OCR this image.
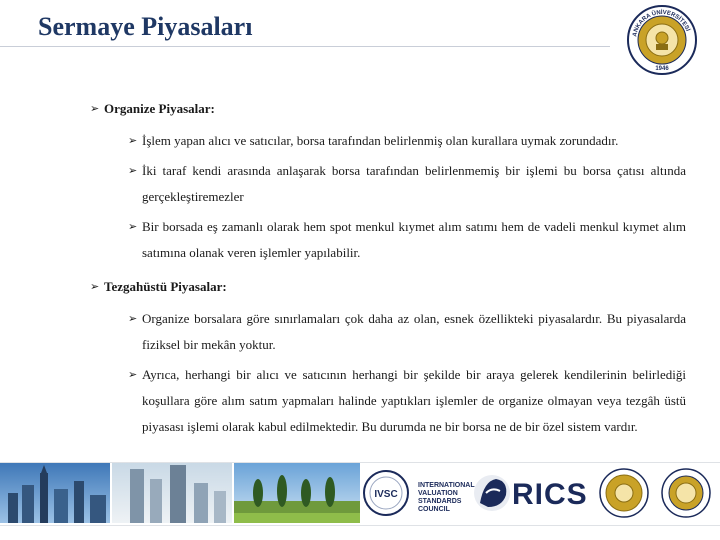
Sermaye Piyasaları	ANKARA ÜNİVERSİTESİ
1946
➢ Organize Piyasalar:
➢ İşlem yapan alıcı ve satıcılar, borsa tarafından belirlenmiş olan kurallara uymak zorundadır.
➢ İki taraf kendi arasında anlaşarak borsa tarafından belirlenmemiş bir işlemi bu borsa çatısı altında gerçekleştiremezler
➢ Bir borsada eş zamanlı olarak hem spot menkul kıymet alım satımı hem de vadeli menkul kıymet alım satımına olanak veren işlemler yapılabilir.
➢ Tezgahüstü Piyasalar:
➢ Organize borsalara göre sınırlamaları çok daha az olan, esnek özellikteki piyasalardır. Bu piyasalarda fiziksel bir mekân yoktur.
➢ Ayrıca, herhangi bir alıcı ve satıcının herhangi bir şekilde bir araya gelerek kendilerinin belirlediği koşullara göre alım satım yapmaları halinde yaptıkları işlemler de organize olmayan veya tezgâh üstü piyasası işlemi olarak kabul edilmektedir. Bu durumda ne bir borsa ne de bir özel sistem vardır.
IVSC
INTERNATIONAL
VALUATION
STANDARDS
COUNCIL	RICS
